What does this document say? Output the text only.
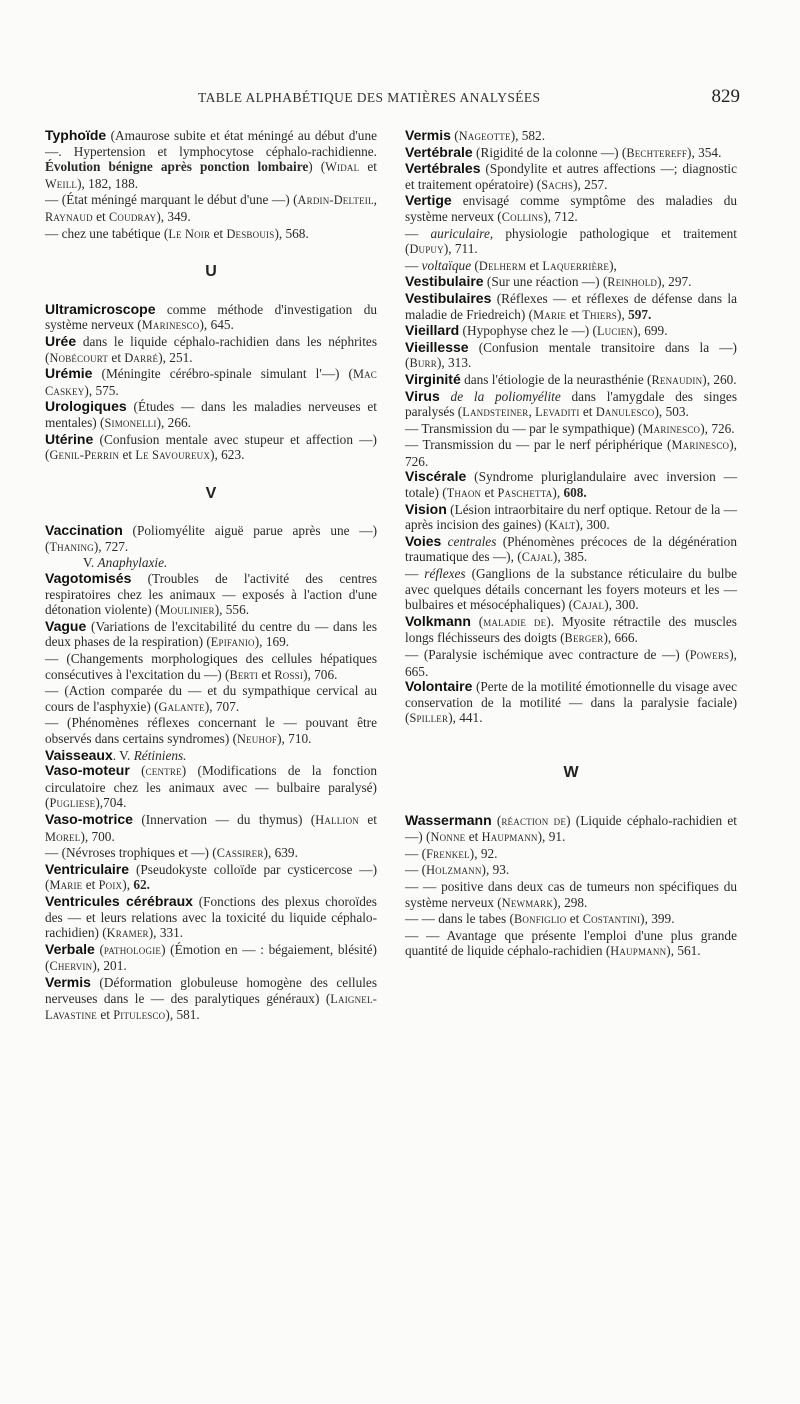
TABLE ALPHABÉTIQUE DES MATIÈRES ANALYSÉES	829

Typhoïde (Amaurose subite et état méningé au début d'une —. Hypertension et lymphocytose céphalo-rachidienne. Évolution bénigne après ponction lombaire) (Widal et Weill), 182, 188.

— (État méningé marquant le début d'une —) (Ardin-Delteil, Raynaud et Coudray), 349.

— chez une tabétique (Le Noir et Desbouis), 568.

U

Ultramicroscope comme méthode d'investigation du système nerveux (Marinesco), 645.

Urée dans le liquide céphalo-rachidien dans les néphrites (Nobécourt et Darré), 251.

Urémie (Méningite cérébro-spinale simulant l'—) (Mac Caskey), 575.

Urologiques (Études — dans les maladies nerveuses et mentales) (Simonelli), 266.

Utérine (Confusion mentale avec stupeur et affection —) (Genil-Perrin et Le Savoureux), 623.

V

Vaccination (Poliomyélite aiguë parue après une —) (Thaning), 727.

V. Anaphylaxie.

Vagotomisés (Troubles de l'activité des centres respiratoires chez les animaux — exposés à l'action d'une détonation violente) (Moulinier), 556.

Vague (Variations de l'excitabilité du centre du — dans les deux phases de la respiration) (Epifanio), 169.

— (Changements morphologiques des cellules hépatiques consécutives à l'excitation du —) (Berti et Rossi), 706.

— (Action comparée du — et du sympathique cervical au cours de l'asphyxie) (Galante), 707.

— (Phénomènes réflexes concernant le — pouvant être observés dans certains syndromes) (Neuhof), 710.

Vaisseaux. V. Rétiniens.

Vaso-moteur (centre) (Modifications de la fonction circulatoire chez les animaux avec — bulbaire paralysé) (Pugliese),704.

Vaso-motrice (Innervation — du thymus) (Hallion et Morel), 700.

— (Névroses trophiques et —) (Cassirer), 639.

Ventriculaire (Pseudokyste colloïde par cysticercose —) (Marie et Poix), 62.

Ventricules cérébraux (Fonctions des plexus choroïdes des — et leurs relations avec la toxicité du liquide céphalo-rachidien) (Kramer), 331.

Verbale (pathologie) (Émotion en — : bégaiement, blésité) (Chervin), 201.

Vermis (Déformation globuleuse homogène des cellules nerveuses dans le — des paralytiques généraux) (Laignel-Lavastine et Pitulesco), 581.

Vermis (Nageotte), 582.

Vertébrale (Rigidité de la colonne —) (Bechtereff), 354.

Vertébrales (Spondylite et autres affections —; diagnostic et traitement opératoire) (Sachs), 257.

Vertige envisagé comme symptôme des maladies du système nerveux (Collins), 712.

— auriculaire, physiologie pathologique et traitement (Dupuy), 711.

— voltaïque (Delherm et Laquerrière),

Vestibulaire (Sur une réaction —) (Reinhold), 297.

Vestibulaires (Réflexes — et réflexes de défense dans la maladie de Friedreich) (Marie et Thiers), 597.

Vieillard (Hypophyse chez le —) (Lucien), 699.

Vieillesse (Confusion mentale transitoire dans la —) (Burr), 313.

Virginité dans l'étiologie de la neurasthénie (Renaudin), 260.

Virus de la poliomyélite dans l'amygdale des singes paralysés (Landsteiner, Levaditi et Danulesco), 503.

— Transmission du — par le sympathique) (Marinesco), 726.

— Transmission du — par le nerf périphérique (Marinesco), 726.

Viscérale (Syndrome pluriglandulaire avec inversion — totale) (Thaon et Paschetta), 608.

Vision (Lésion intraorbitaire du nerf optique. Retour de la — après incision des gaines) (Kalt), 300.

Voies centrales (Phénomènes précoces de la dégénération traumatique des —), (Cajal), 385.

— réflexes (Ganglions de la substance réticulaire du bulbe avec quelques détails concernant les foyers moteurs et les — bulbaires et mésocéphaliques) (Cajal), 300.

Volkmann (maladie de). Myosite rétractile des muscles longs fléchisseurs des doigts (Berger), 666.

— (Paralysie ischémique avec contracture de —) (Powers), 665.

Volontaire (Perte de la motilité émotionnelle du visage avec conservation de la motilité — dans la paralysie faciale) (Spiller), 441.

W

Wassermann (réaction de) (Liquide céphalo-rachidien et —) (Nonne et Haupmann), 91.

— (Frenkel), 92.

— (Holzmann), 93.

— — positive dans deux cas de tumeurs non spécifiques du système nerveux (Newmark), 298.

— — dans le tabes (Bonfiglio et Costantini), 399.

— — Avantage que présente l'emploi d'une plus grande quantité de liquide céphalo-rachidien (Haupmann), 561.
